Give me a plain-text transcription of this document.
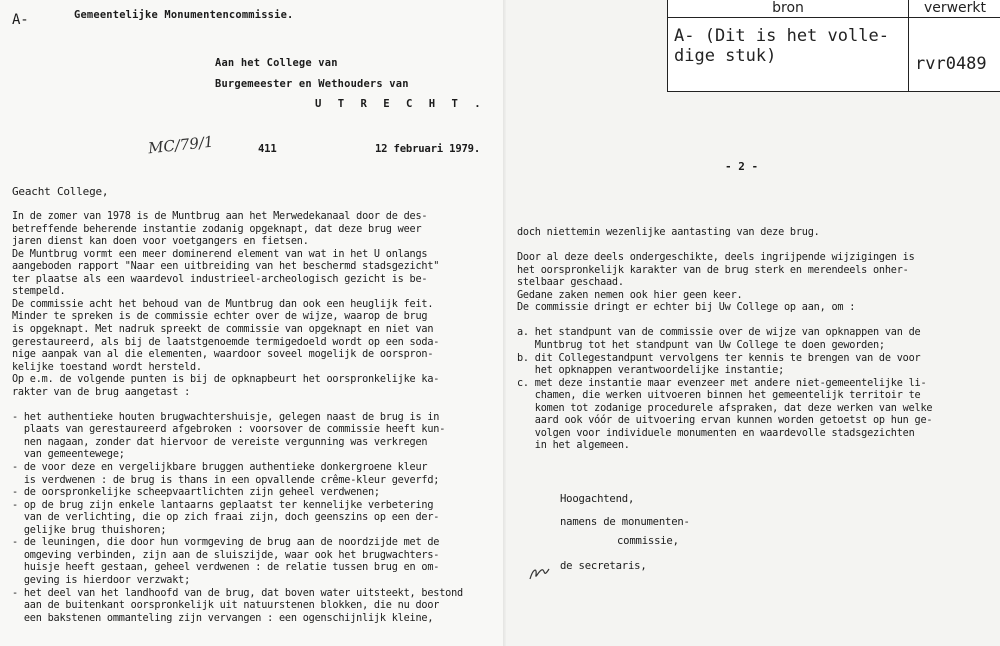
bron	verwerkt
A- (Dit is het volle-
dige stuk)	rvr0489
A-	Gemeentelijke Monumentencommissie.
Aan het College van
Burgemeester en Wethouders van
U T R E C H T .
MC/79/1	411	12 februari 1979.
Geacht College,
In de zomer van 1978 is de Muntbrug aan het Merwedekanaal door de des-
betreffende beherende instantie zodanig opgeknapt, dat deze brug weer
jaren dienst kan doen voor voetgangers en fietsen.
De Muntbrug vormt een meer dominerend element van wat in het U onlangs
aangeboden rapport "Naar een uitbreiding van het beschermd stadsgezicht"
ter plaatse als een waardevol industrieel-archeologisch gezicht is be-
stempeld.
De commissie acht het behoud van de Muntbrug dan ook een heuglijk feit.
Minder te spreken is de commissie echter over de wijze, waarop de brug
is opgeknapt. Met nadruk spreekt de commissie van opgeknapt en niet van
gerestaureerd, als bij de laatstgenoemde termigedoeld wordt op een soda-
nige aanpak van al die elementen, waardoor soveel mogelijk de oorspron-
kelijke toestand wordt hersteld.
Op e.m. de volgende punten is bij de opknapbeurt het oorspronkelijke ka-
rakter van de brug aangetast :
- het authentieke houten brugwachtershuisje, gelegen naast de brug is in
plaats van gerestaureerd afgebroken : voorsover de commissie heeft kun-
nen nagaan, zonder dat hiervoor de vereiste vergunning was verkregen
van gemeentewege;
- de voor deze en vergelijkbare bruggen authentieke donkergroene kleur
is verdwenen : de brug is thans in een opvallende crême-kleur geverfd;
- de oorspronkelijke scheepvaartlichten zijn geheel verdwenen;
- op de brug zijn enkele lantaarns geplaatst ter kennelijke verbetering
van de verlichting, die op zich fraai zijn, doch geenszins op een der-
gelijke brug thuishoren;
- de leuningen, die door hun vormgeving de brug aan de noordzijde met de
omgeving verbinden, zijn aan de sluiszijde, waar ook het brugwachters-
huisje heeft gestaan, geheel verdwenen : de relatie tussen brug en om-
geving is hierdoor verzwakt;
- het deel van het landhoofd van de brug, dat boven water uitsteekt, bestond
aan de buitenkant oorspronkelijk uit natuurstenen blokken, die nu door
een bakstenen ommanteling zijn vervangen : een ogenschijnlijk kleine,
- 2 -
doch niettemin wezenlijke aantasting van deze brug.
Door al deze deels ondergeschikte, deels ingrijpende wijzigingen is
het oorspronkelijk karakter van de brug sterk en merendeels onher-
stelbaar geschaad.
Gedane zaken nemen ook hier geen keer.
De commissie dringt er echter bij Uw College op aan, om :
a. het standpunt van de commissie over de wijze van opknappen van de
Muntbrug tot het standpunt van Uw College te doen geworden;
b. dit Collegestandpunt vervolgens ter kennis te brengen van de voor
het opknappen verantwoordelijke instantie;
c. met deze instantie maar evenzeer met andere niet-gemeentelijke li-
chamen, die werken uitvoeren binnen het gemeentelijk territoir te
komen tot zodanige procedurele afspraken, dat deze werken van welke
aard ook vóór de uitvoering ervan kunnen worden getoetst op hun ge-
volgen voor individuele monumenten en waardevolle stadsgezichten
in het algemeen.
Hoogachtend,
namens de monumenten-
commissie,
de secretaris,
